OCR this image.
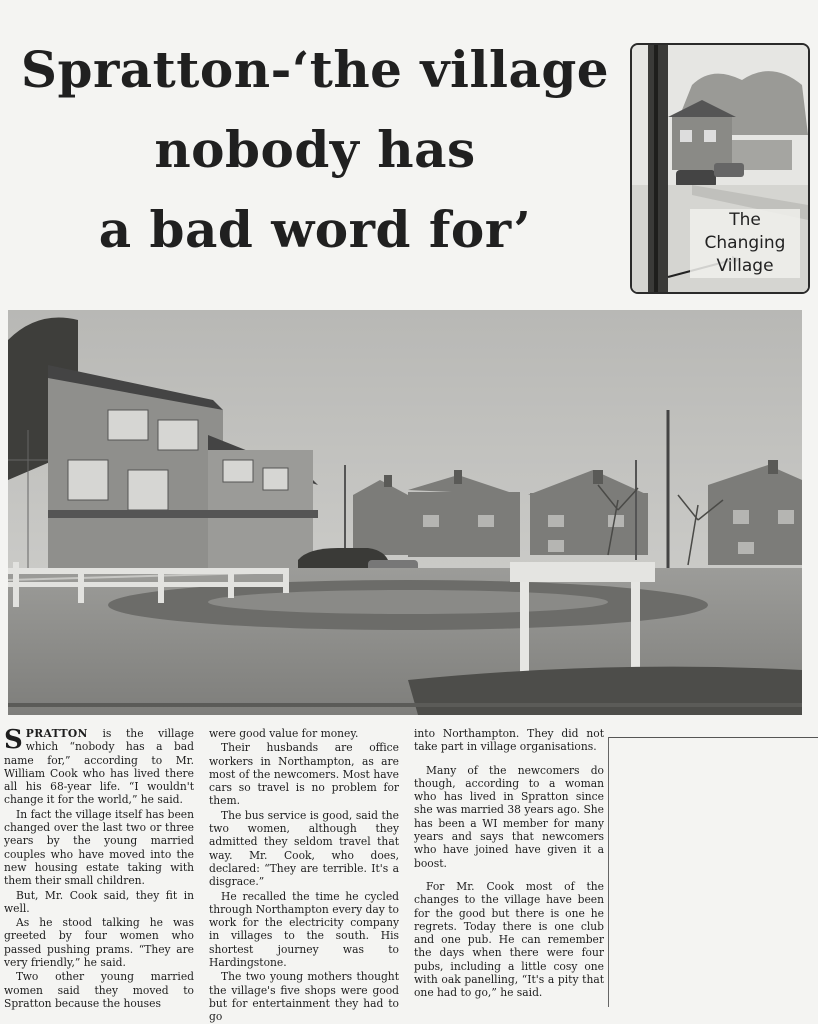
Spratton-‘the village
nobody has
a bad word for’	The
Changing
Village

SPRATTON is the village which “nobody has a bad name for,” according to Mr. William Cook who has lived there all his 68-year life. “I wouldn't change it for the world,” he said.

In fact the village itself has been changed over the last two or three years by the young married couples who have moved into the new housing estate taking with them their small children.

But, Mr. Cook said, they fit in well.

As he stood talking he was greeted by four women who passed pushing prams. “They are very friendly,” he said.

Two other young married women said they moved to Spratton because the houses

were good value for money.

Their husbands are office workers in Northampton, as are most of the newcomers. Most have cars so travel is no problem for them.

The bus service is good, said the two women, although they admitted they seldom travel that way. Mr. Cook, who does, declared: “They are terrible. It's a disgrace.”

He recalled the time he cycled through Northampton every day to work for the electricity company in villages to the south. His shortest journey was to Hardingstone.

The two young mothers thought the village's five shops were good but for entertainment they had to go

into Northampton. They did not take part in village organisations.

Many of the newcomers do though, according to a woman who has lived in Spratton since she was married 38 years ago. She has been a WI member for many years and says that newcomers who have joined have given it a boost.

For Mr. Cook most of the changes to the village have been for the good but there is one he regrets. Today there is one club and one pub. He can remember the days when there were four pubs, including a little cosy one with oak panelling, “It's a pity that one had to go,” he said.
